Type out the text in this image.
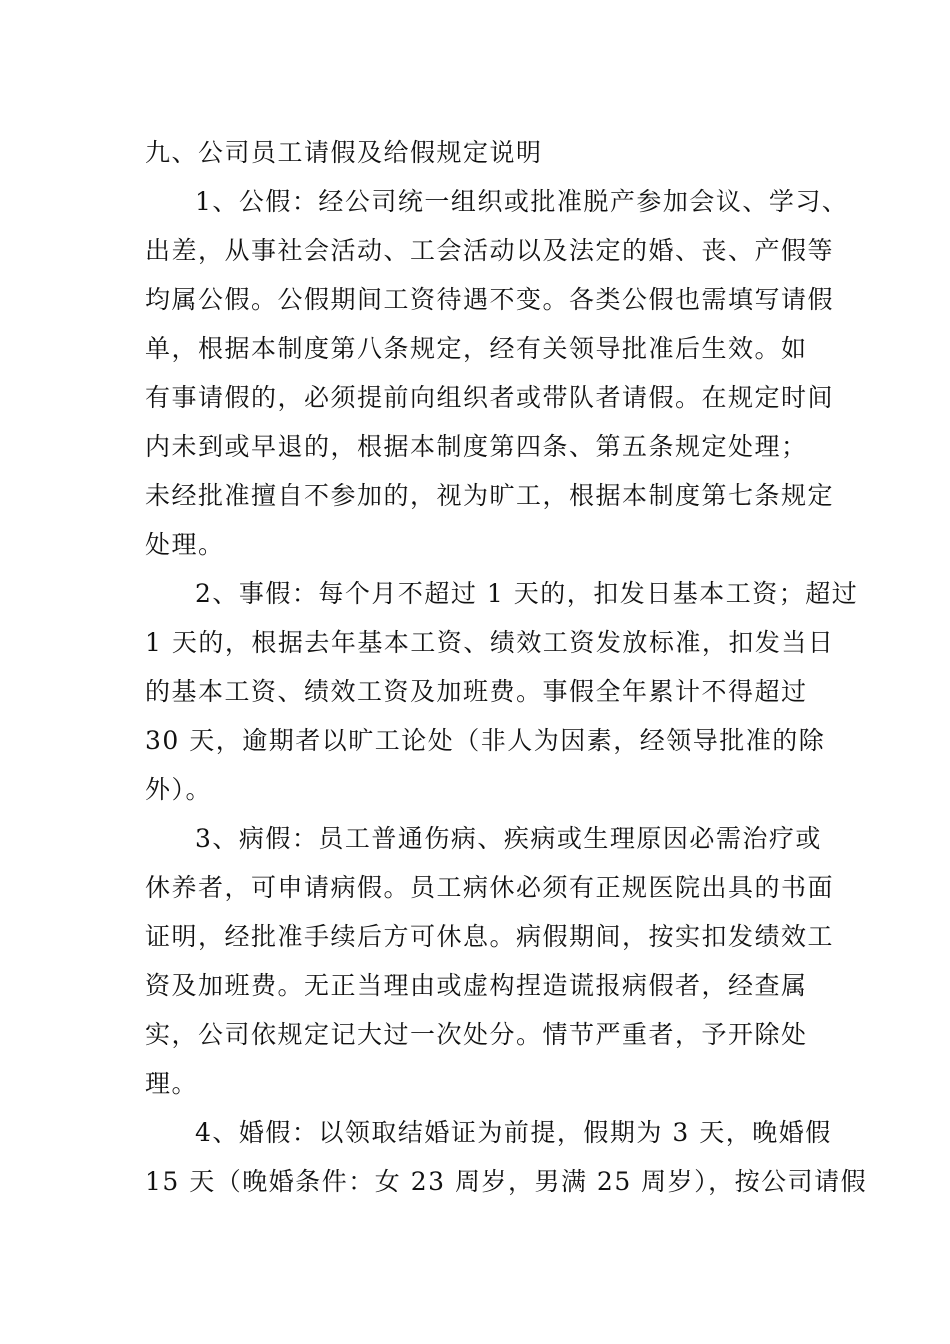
九、公司员工请假及给假规定说明

1、公假：经公司统一组织或批准脱产参加会议、学习、
出差，从事社会活动、工会活动以及法定的婚、丧、产假等
均属公假。公假期间工资待遇不变。各类公假也需填写请假
单，根据本制度第八条规定，经有关领导批准后生效。如
有事请假的，必须提前向组织者或带队者请假。在规定时间
内未到或早退的，根据本制度第四条、第五条规定处理；
未经批准擅自不参加的，视为旷工，根据本制度第七条规定
处理。
2、事假：每个月不超过 1 天的，扣发日基本工资；超过
1 天的，根据去年基本工资、绩效工资发放标准，扣发当日
的基本工资、绩效工资及加班费。事假全年累计不得超过
30 天，逾期者以旷工论处（非人为因素，经领导批准的除
外）。
3、病假：员工普通伤病、疾病或生理原因必需治疗或
休养者，可申请病假。员工病休必须有正规医院出具的书面
证明，经批准手续后方可休息。病假期间，按实扣发绩效工
资及加班费。无正当理由或虚构捏造谎报病假者，经查属
实，公司依规定记大过一次处分。情节严重者，予开除处
理。
4、婚假：以领取结婚证为前提，假期为 3 天，晚婚假
15 天（晚婚条件：女 23 周岁，男满 25 周岁），按公司请假
